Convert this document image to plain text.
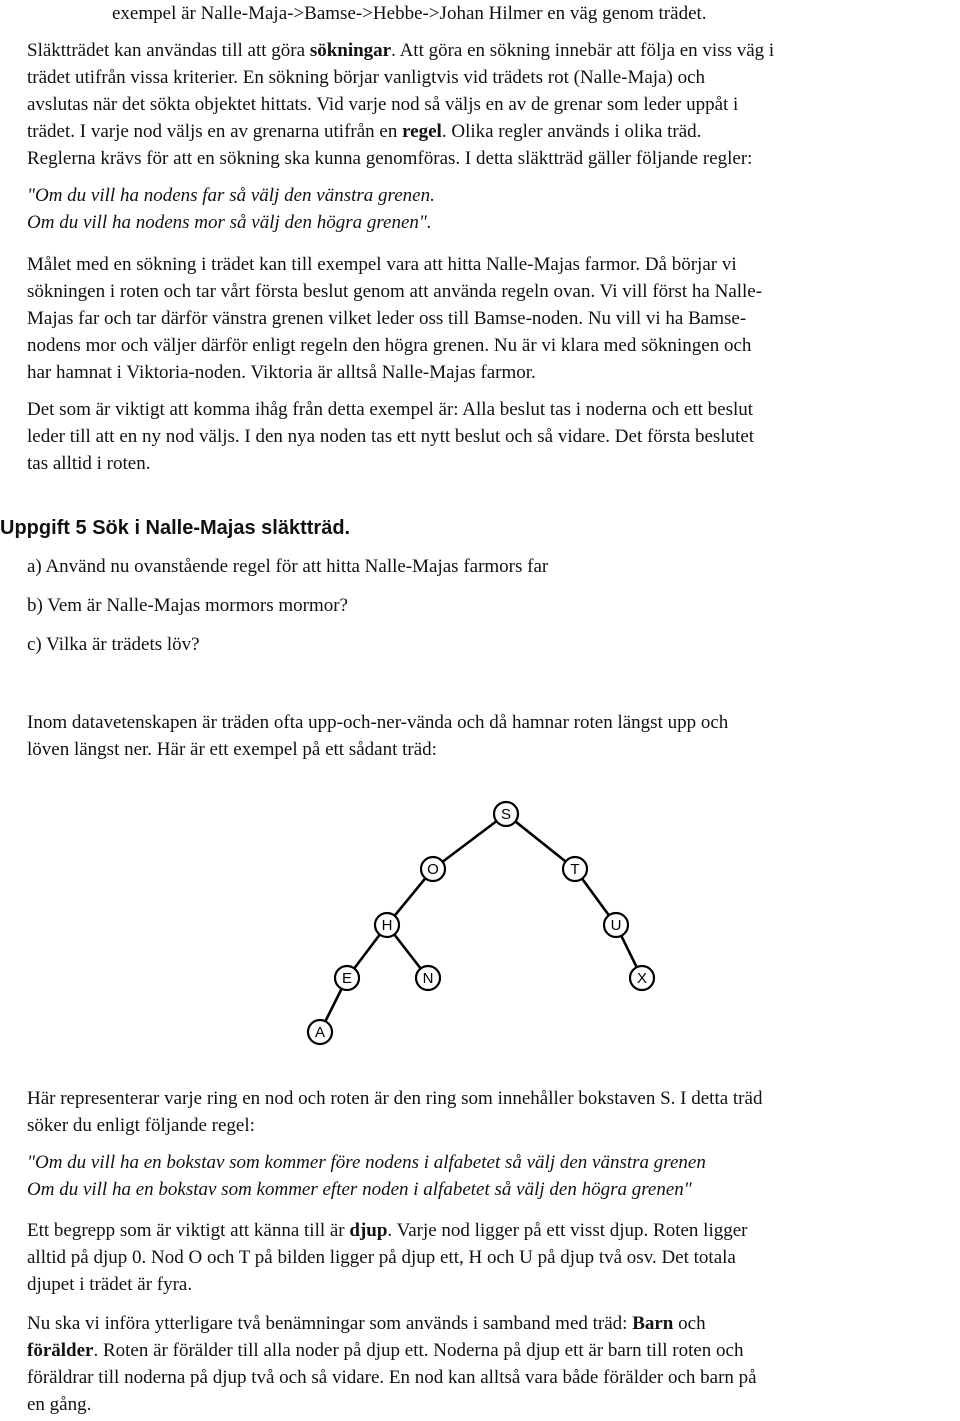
exempel är Nalle-Maja->Bamse->Hebbe->Johan Hilmer en väg genom trädet.
Släktträdet kan användas till att göra sökningar. Att göra en sökning innebär att följa en viss väg i
trädet utifrån vissa kriterier. En sökning börjar vanligtvis vid trädets rot (Nalle-Maja) och
avslutas när det sökta objektet hittats. Vid varje nod så väljs en av de grenar som leder uppåt i
trädet. I varje nod väljs en av grenarna utifrån en regel. Olika regler används i olika träd.
Reglerna krävs för att en sökning ska kunna genomföras. I detta släktträd gäller följande regler:
"Om du vill ha nodens far så välj den vänstra grenen.
Om du vill ha nodens mor så välj den högra grenen".
Målet med en sökning i trädet kan till exempel vara att hitta Nalle-Majas farmor. Då börjar vi
sökningen i roten och tar vårt första beslut genom att använda regeln ovan. Vi vill först ha Nalle-
Majas far och tar därför vänstra grenen vilket leder oss till Bamse-noden. Nu vill vi ha Bamse-
nodens mor och väljer därför enligt regeln den högra grenen. Nu är vi klara med sökningen och
har hamnat i Viktoria-noden. Viktoria är alltså Nalle-Majas farmor.
Det som är viktigt att komma ihåg från detta exempel är: Alla beslut tas i noderna och ett beslut
leder till att en ny nod väljs. I den nya noden tas ett nytt beslut och så vidare. Det första beslutet
tas alltid i roten.
a) Använd nu ovanstående regel för att hitta Nalle-Majas farmors far
b) Vem är Nalle-Majas mormors mormor?
c) Vilka är trädets löv?
Inom datavetenskapen är träden ofta upp-och-ner-vända och då hamnar roten längst upp och
löven längst ner. Här är ett exempel på ett sådant träd:
Här representerar varje ring en nod och roten är den ring som innehåller bokstaven S. I detta träd
söker du enligt följande regel:
"Om du vill ha en bokstav som kommer före nodens i alfabetet så välj den vänstra grenen
Om du vill ha en bokstav som kommer efter noden i alfabetet så välj den högra grenen"
Ett begrepp som är viktigt att känna till är djup. Varje nod ligger på ett visst djup. Roten ligger
alltid på djup 0. Nod O och T på bilden ligger på djup ett, H och U på djup två osv. Det totala
djupet i trädet är fyra.
Nu ska vi införa ytterligare två benämningar som används i samband med träd: Barn och
förälder. Roten är förälder till alla noder på djup ett. Noderna på djup ett är barn till roten och
föräldrar till noderna på djup två och så vidare. En nod kan alltså vara både förälder och barn på
en gång.
Uppgift 5 Sök i Nalle-Majas släktträd.
S
O	T
H	U
E	N	X
A
